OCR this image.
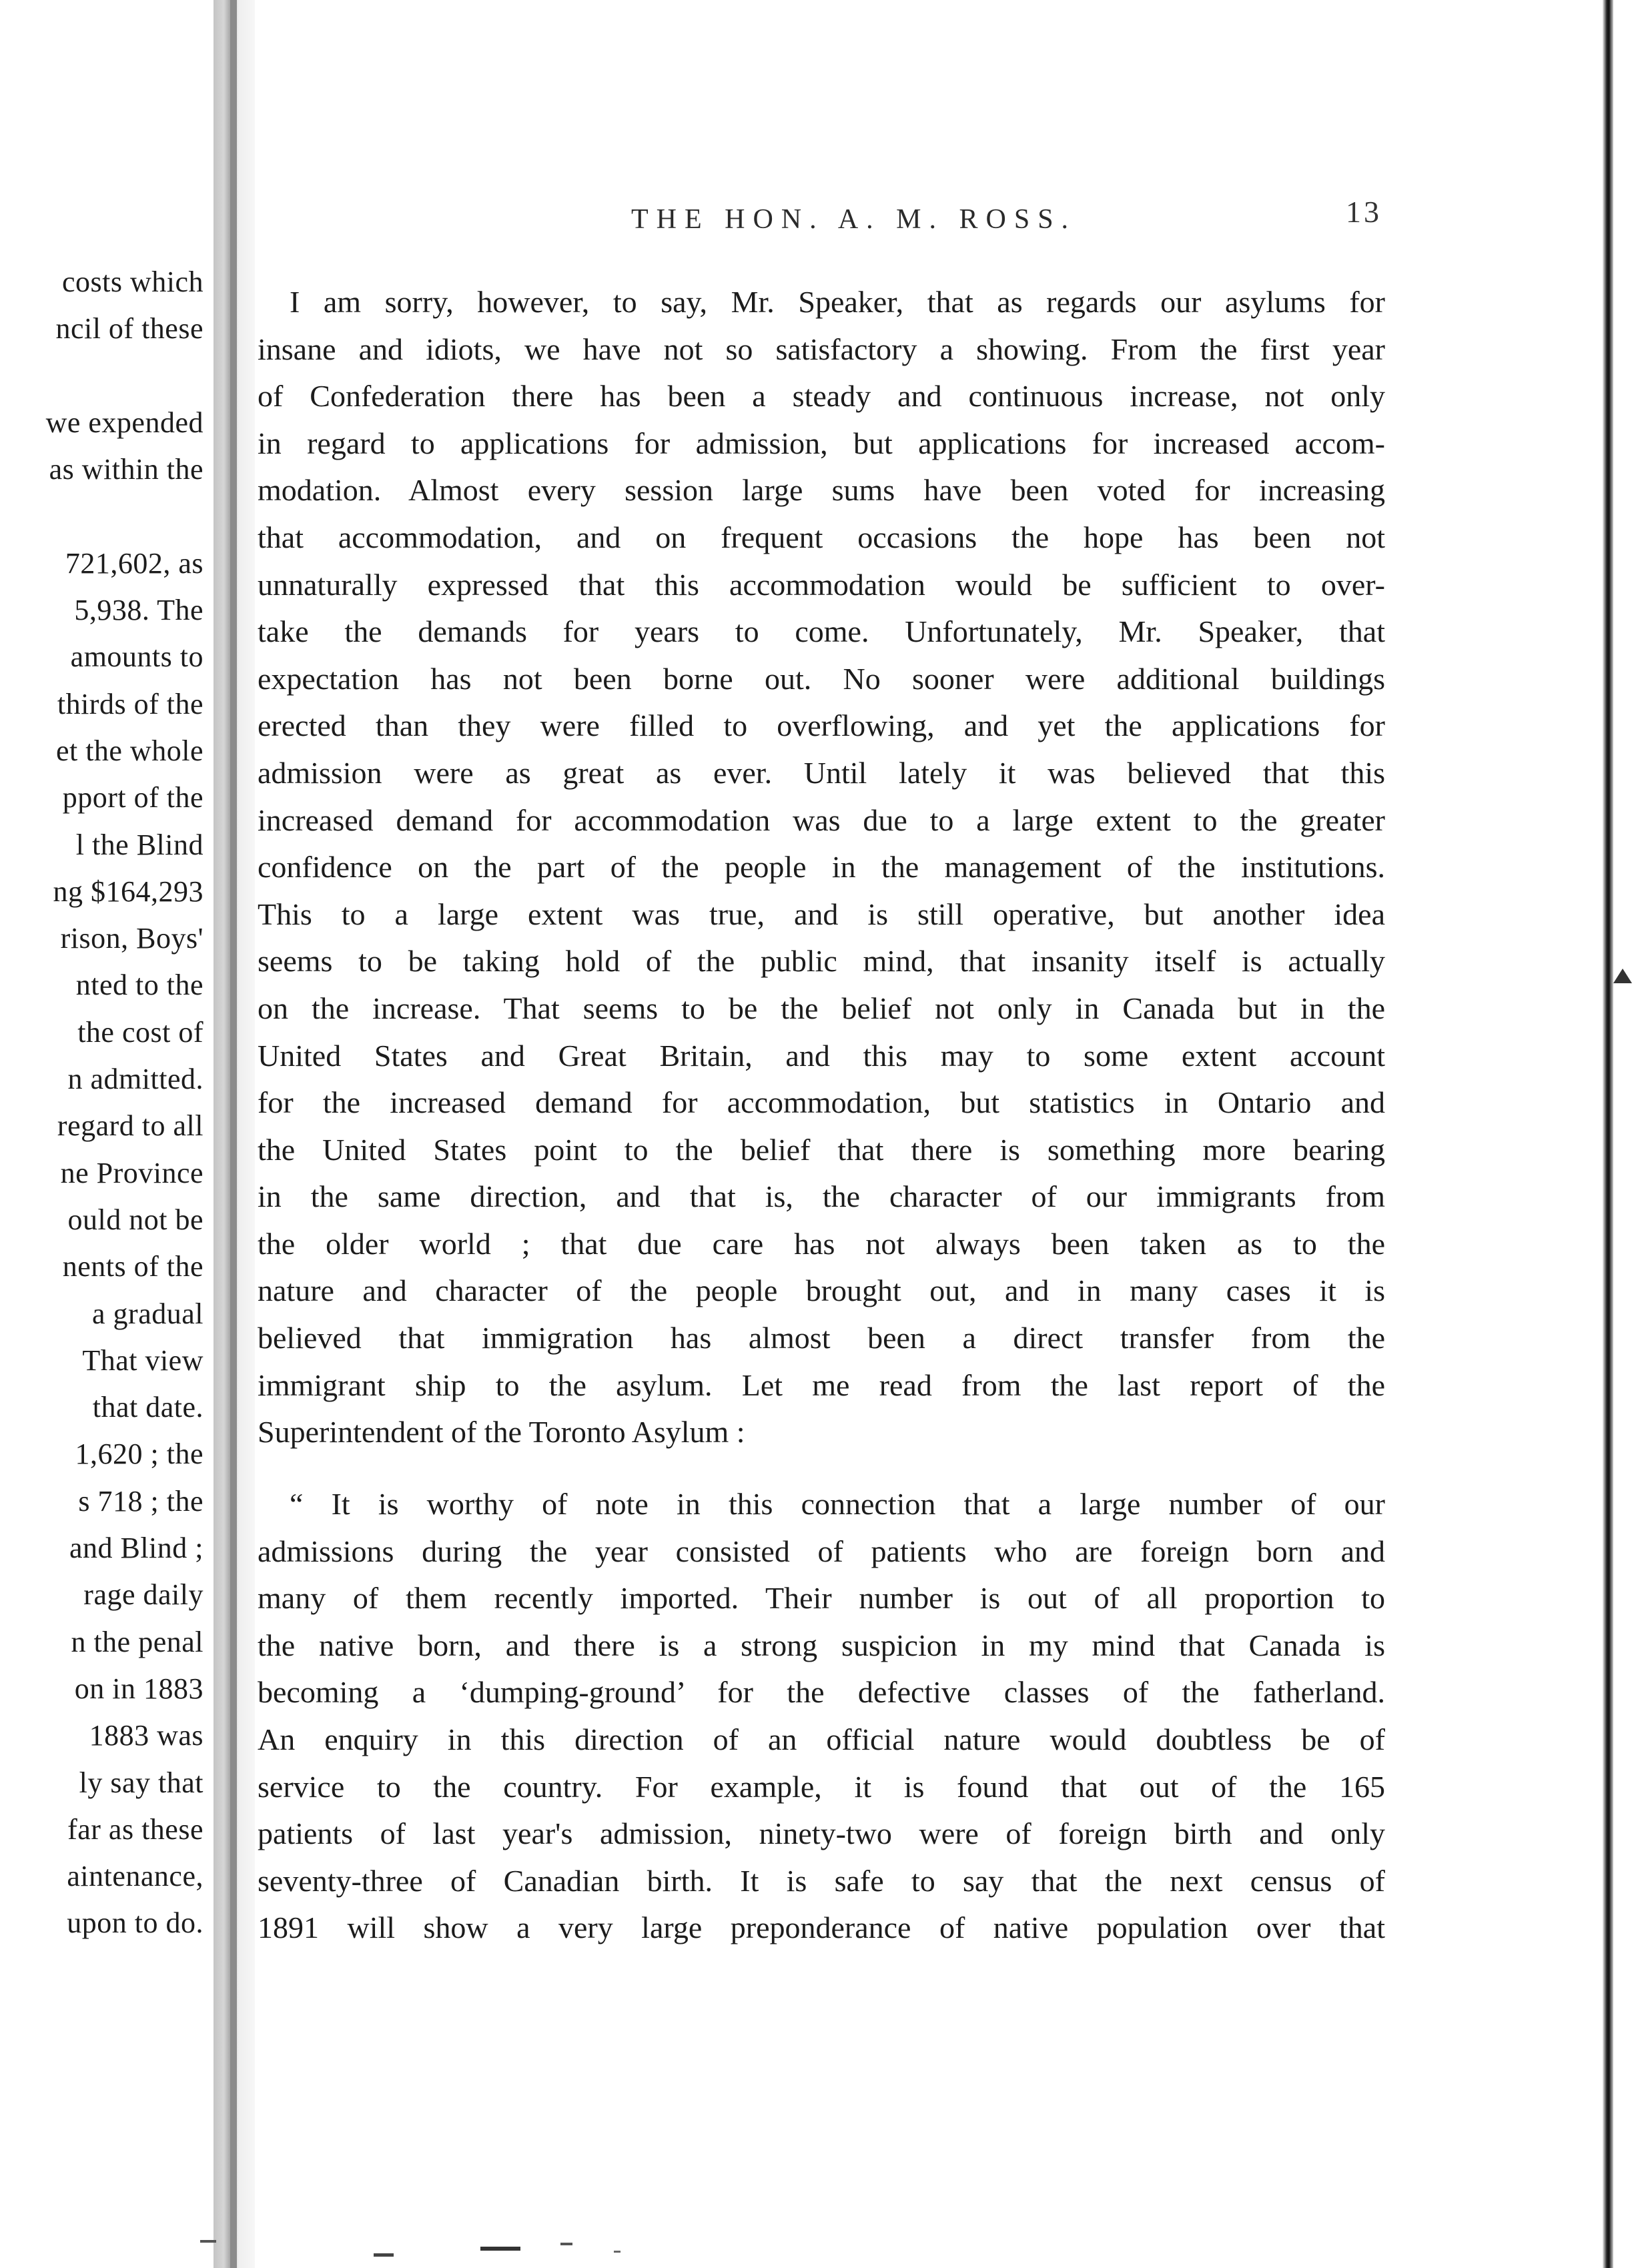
costs which
ncil of these
we expended
as within the
721,602, as
5,938. The
amounts to
thirds of the
et the whole
pport of the
l the Blind
ng $164,293
rison, Boys'
nted to the
the cost of
n admitted.
regard to all
ne Province
ould not be
nents of the
a gradual
That view
that date.
1,620 ; the
s 718 ; the
and Blind ;
rage daily
n the penal
on in 1883
1883 was
ly say that
far as these
aintenance,
upon to do.
THE HON. A. M. ROSS.	13
I am sorry, however, to say, Mr. Speaker, that as regards our asylums for
insane and idiots, we have not so satisfactory a showing. From the first year
of Confederation there has been a steady and continuous increase, not only
in regard to applications for admission, but applications for increased accom-
modation. Almost every session large sums have been voted for increasing
that accommodation, and on frequent occasions the hope has been not
unnaturally expressed that this accommodation would be sufficient to over-
take the demands for years to come. Unfortunately, Mr. Speaker, that
expectation has not been borne out. No sooner were additional buildings
erected than they were filled to overflowing, and yet the applications for
admission were as great as ever. Until lately it was believed that this
increased demand for accommodation was due to a large extent to the greater
confidence on the part of the people in the management of the institutions.
This to a large extent was true, and is still operative, but another idea
seems to be taking hold of the public mind, that insanity itself is actually
on the increase. That seems to be the belief not only in Canada but in the
United States and Great Britain, and this may to some extent account
for the increased demand for accommodation, but statistics in Ontario and
the United States point to the belief that there is something more bearing
in the same direction, and that is, the character of our immigrants from
the older world ; that due care has not always been taken as to the
nature and character of the people brought out, and in many cases it is
believed that immigration has almost been a direct transfer from the
immigrant ship to the asylum. Let me read from the last report of the
Superintendent of the Toronto Asylum :
“ It is worthy of note in this connection that a large number of our
admissions during the year consisted of patients who are foreign born and
many of them recently imported. Their number is out of all proportion to
the native born, and there is a strong suspicion in my mind that Canada is
becoming a ‘dumping-ground’ for the defective classes of the fatherland.
An enquiry in this direction of an official nature would doubtless be of
service to the country. For example, it is found that out of the 165
patients of last year's admission, ninety-two were of foreign birth and only
seventy-three of Canadian birth. It is safe to say that the next census of
1891 will show a very large preponderance of native population over that
